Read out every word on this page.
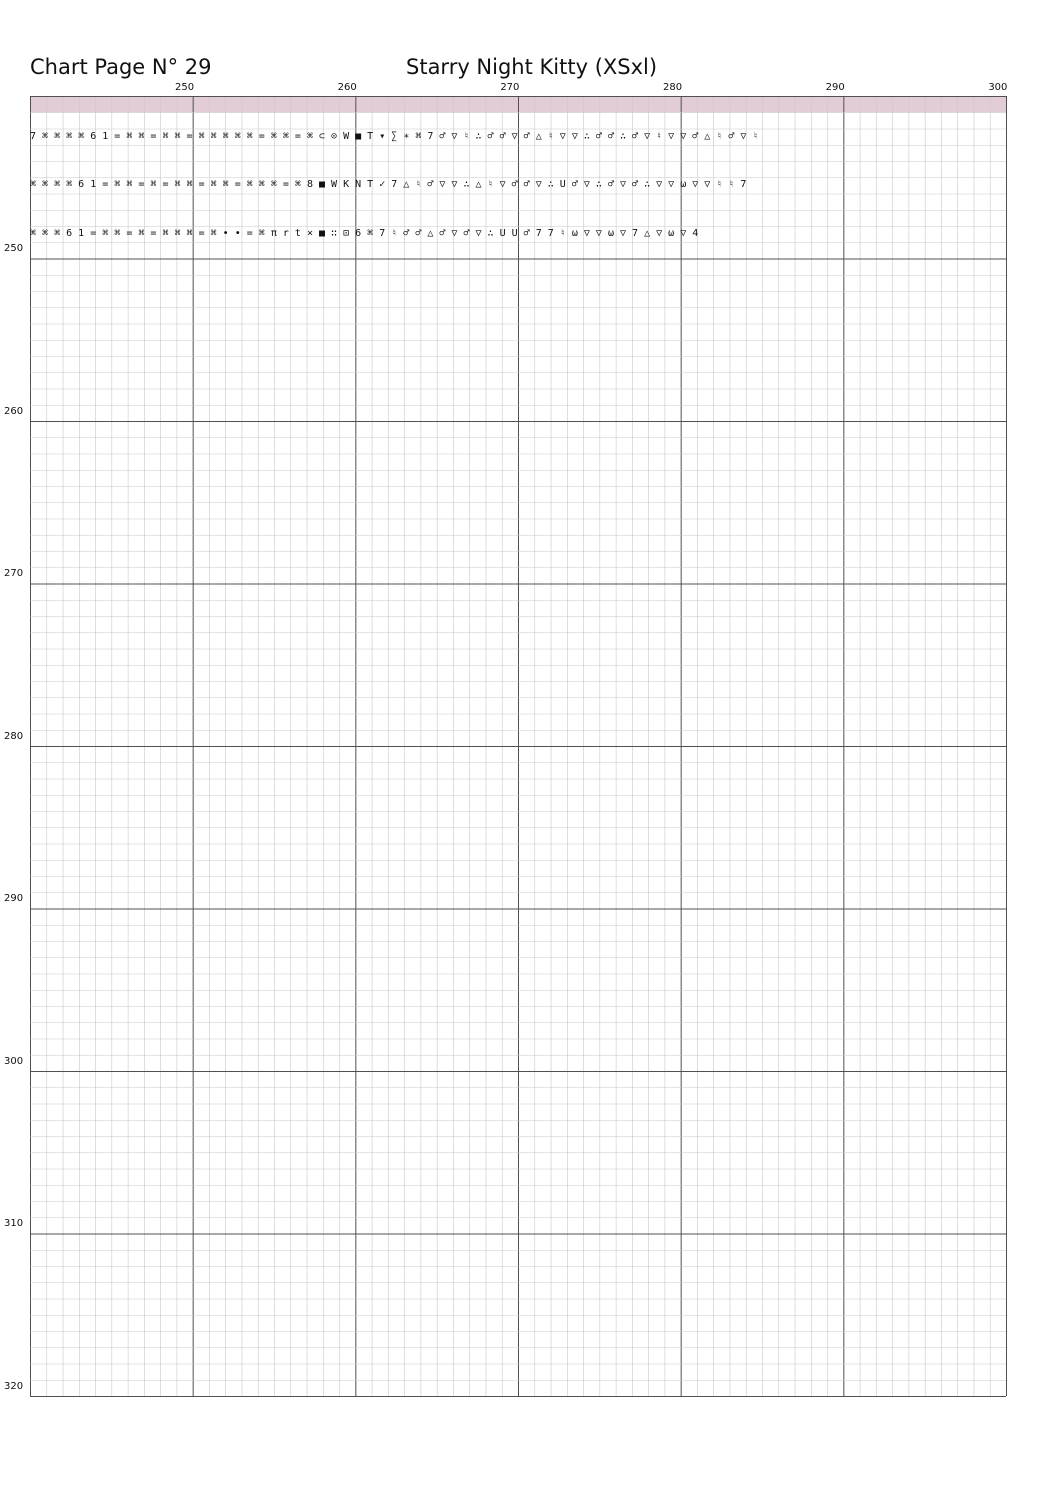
Chart Page N° 29	Starry Night Kitty (XSxl)
250	260	270	280	290	300
250
260
270
280
290
300
310
320

7 ⌘ ⌘ ⌘ ⌘ 6 1 = ⌘ ⌘ = ⌘ ⌘ = ⌘ ⌘ ⌘ ⌘ ⌘ = ⌘ ⌘ = ⌘ ⊂ ⊙ W ■ T ▾ ∑ ∗ ⌘ 7 ♂ ▽ ♮ ∴ ♂ ♂ ▽ ♂ △ ♮ ▽ ▽ ∴ ♂ ♂ ∴ ♂ ▽ ♮ ▽ ▽ ♂ △ ♮ ♂ ▽ ♮

⌘ ⌘ ⌘ ⌘ 6 1 = ⌘ ⌘ = ⌘ = ⌘ ⌘ = ⌘ ⌘ = ⌘ ⌘ ⌘ = ⌘ 8 ■ W K N T ✓ 7 △ ♮ ♂ ▽ ▽ ∴ △ ♮ ▽ ♂ ♂ ▽ ∴ U ♂ ▽ ∴ ♂ ▽ ♂ ∴ ▽ ▽ ω ▽ ▽ ♮ ♮ 7

⌘ ⌘ ⌘ 6 1 = ⌘ ⌘ = ⌘ = ⌘ ⌘ ⌘ = ⌘ ∙ ∙ = ⌘ π r t × ■ ∷ ⊡ 6 ⌘ 7 ♮ ♂ ♂ △ ♂ ▽ ♂ ▽ ∴ U U ♂ 7 7 ♮ ω ▽ ▽ ω ▽ 7 △ ▽ ω ▽ 4
